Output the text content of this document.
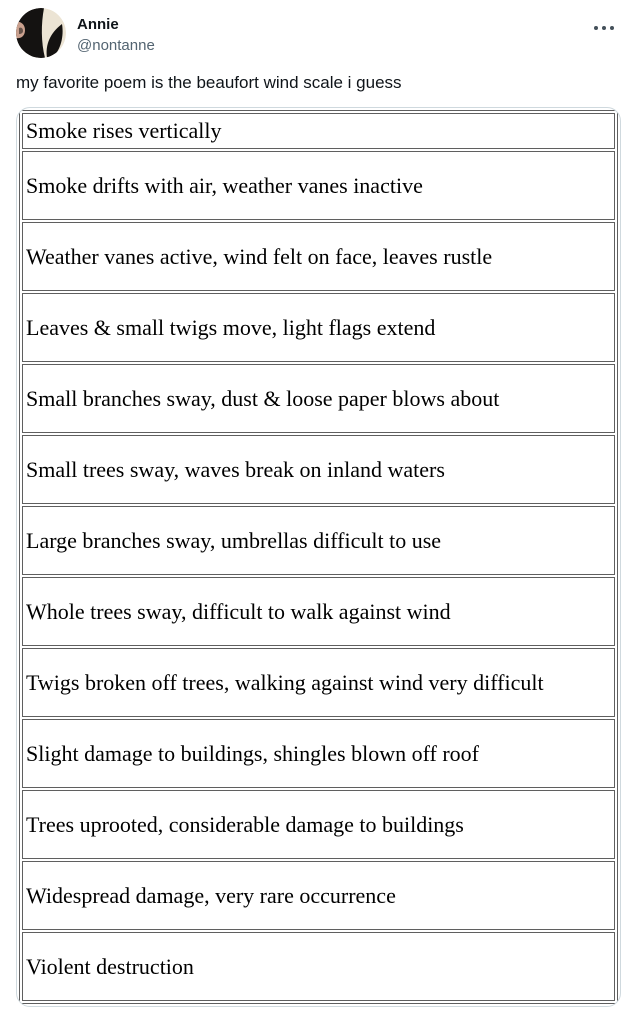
Annie
@nontanne
my favorite poem is the beaufort wind scale i guess
Smoke rises vertically
Smoke drifts with air, weather vanes inactive
Weather vanes active, wind felt on face, leaves rustle
Leaves & small twigs move, light flags extend
Small branches sway, dust & loose paper blows about
Small trees sway, waves break on inland waters
Large branches sway, umbrellas difficult to use
Whole trees sway, difficult to walk against wind
Twigs broken off trees, walking against wind very difficult
Slight damage to buildings, shingles blown off roof
Trees uprooted, considerable damage to buildings
Widespread damage, very rare occurrence
Violent destruction
